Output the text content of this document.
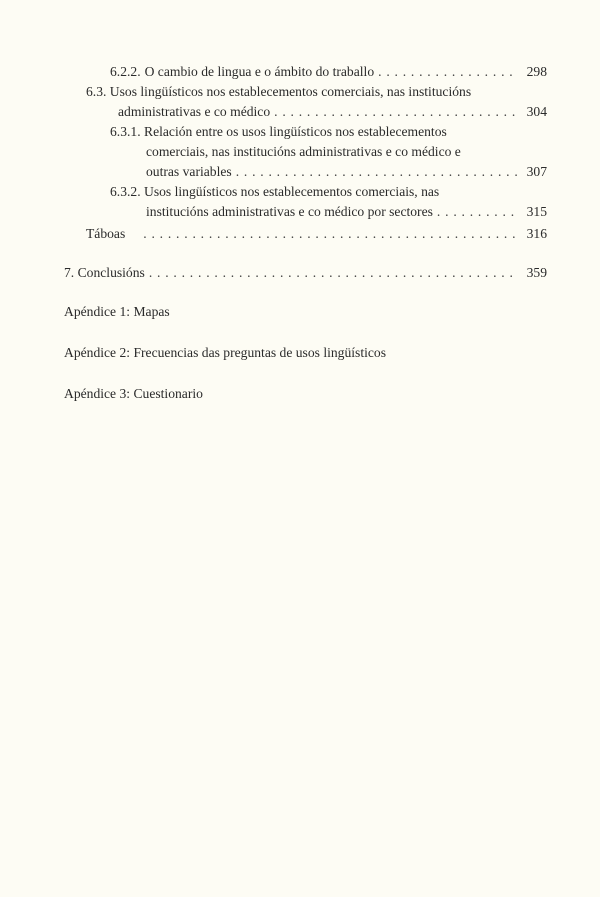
6.2.2. O cambio de lingua e o ámbito do traballo . . .	298
6.3. Usos lingüísticos nos establecementos comerciais, nas institucións
administrativas e co médico . . .	304
6.3.1. Relación entre os usos lingüísticos nos establecementos
comerciais, nas institucións administrativas e co médico e
outras variables . . .	307
6.3.2. Usos lingüísticos nos establecementos comerciais, nas
institucións administrativas e co médico por sectores . . .	315
Táboas . . .	316
7. Conclusións . . .	359
Apéndice 1: Mapas
Apéndice 2: Frecuencias das preguntas de usos lingüísticos
Apéndice 3: Cuestionario
